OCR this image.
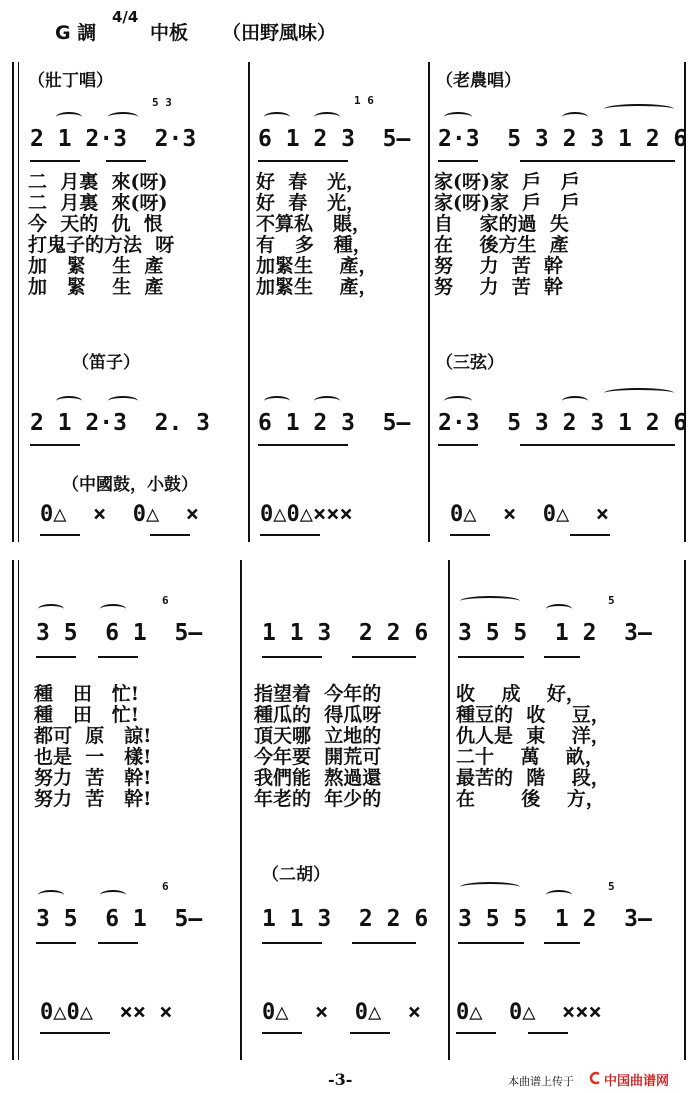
G 調
4/4
中板 （田野風味）
（壯丁唱）	（老農唱）
2 1 2·3  2·3	6 1 2 3  5— 2·3  5 3 2 3 1 2 6
5 3	1 6
二  月裏  來(呀)
二  月裏  來(呀)
今  天的  仇  恨
打鬼子的方法  呀
加   緊    生  產
加   緊    生  產
好  春   光，
好  春   光，
不算私   賬，
有   多   種，
加緊生    產，
加緊生    產，
家(呀)家  戶   戶
家(呀)家  戶   戶
自    家的過  失
在    後方生  產
努    力  苦  幹
努    力  苦  幹
（笛子）	（三弦）
2 1 2·3  2. 3 6 1 2 3  5— 2·3  5 3 2 3 1 2 6
（中國鼓，小鼓）
0△  ×  0△  ×	0△0△×××	0△  ×  0△  ×
3 5  6 1  5—	1 1 3  2 2 6 3 5 5  1 2  3—
6	5
種   田   忙!
種   田   忙!
都可  原   諒!
也是  一   樣!
努力  苦   幹!
努力  苦   幹!
指望着  今年的
種瓜的  得瓜呀
頂天哪  立地的
今年要  開荒可
我們能  熬過還
年老的  年少的
收    成    好，
種豆的  收    豆，
仇人是  東    洋，
二十    萬    畝，
最苦的  階    段，
在       後    方，
（二胡）
3 5  6 1  5—	1 1 3  2 2 6 3 5 5  1 2  3—
6	5
0△0△  ×× ×	0△  ×  0△  × 0△  0△  ×××
-3-	本曲谱上传于 中国曲谱网
